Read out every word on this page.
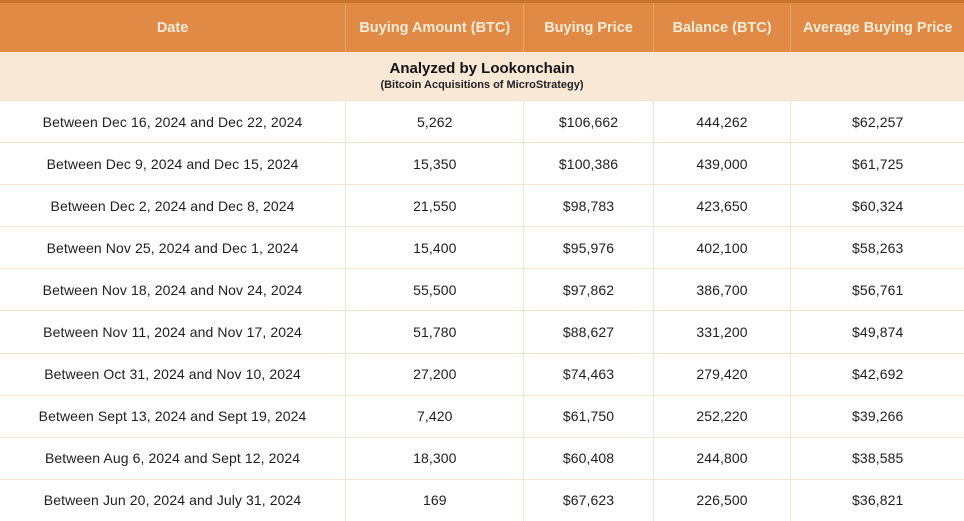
Date	Buying Amount (BTC)	Buying Price	Balance (BTC)	Average Buying Price
Analyzed by Lookonchain
(Bitcoin Acquisitions of MicroStrategy)
Between Dec 16, 2024 and Dec 22, 2024	5,262	$106,662	444,262	$62,257
Between Dec 9, 2024 and Dec 15, 2024	15,350	$100,386	439,000	$61,725
Between Dec 2, 2024 and Dec 8, 2024	21,550	$98,783	423,650	$60,324
Between Nov 25, 2024 and Dec 1, 2024	15,400	$95,976	402,100	$58,263
Between Nov 18, 2024 and Nov 24, 2024	55,500	$97,862	386,700	$56,761
Between Nov 11, 2024 and Nov 17, 2024	51,780	$88,627	331,200	$49,874
Between Oct 31, 2024 and Nov 10, 2024	27,200	$74,463	279,420	$42,692
Between Sept 13, 2024 and Sept 19, 2024	7,420	$61,750	252,220	$39,266
Between Aug 6, 2024 and Sept 12, 2024	18,300	$60,408	244,800	$38,585
Between Jun 20, 2024 and July 31, 2024	169	$67,623	226,500	$36,821
